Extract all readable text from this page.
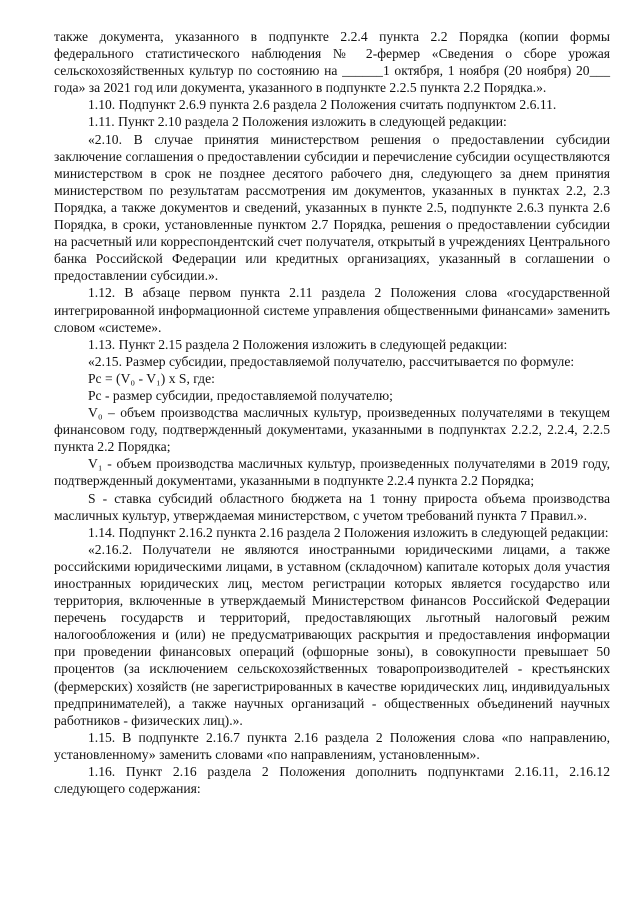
также документа, указанного в подпункте 2.2.4 пункта 2.2 Порядка (копии формы федерального статистического наблюдения № 2-фермер «Сведения о сборе урожая сельскохозяйственных культур по состоянию на ______1 октября, 1 ноября (20 ноября) 20___ года» за 2021 год или документа, указанного в подпункте 2.2.5 пункта 2.2 Порядка.».

1.10. Подпункт 2.6.9 пункта 2.6 раздела 2 Положения считать подпунктом 2.6.11.

1.11. Пункт 2.10 раздела 2 Положения изложить в следующей редакции:

«2.10. В случае принятия министерством решения о предоставлении субсидии заключение соглашения о предоставлении субсидии и перечисление субсидии осуществляются министерством в срок не позднее десятого рабочего дня, следующего за днем принятия министерством по результатам рассмотрения им документов, указанных в пунктах 2.2, 2.3 Порядка, а также документов и сведений, указанных в пункте 2.5, подпункте 2.6.3 пункта 2.6 Порядка, в сроки, установленные пунктом 2.7 Порядка, решения о предоставлении субсидии на расчетный или корреспондентский счет получателя, открытый в учреждениях Центрального банка Российской Федерации или кредитных организациях, указанный в соглашении о предоставлении субсидии.».

1.12. В абзаце первом пункта 2.11 раздела 2 Положения слова «государственной интегрированной информационной системе управления общественными финансами» заменить словом «системе».

1.13. Пункт 2.15 раздела 2 Положения изложить в следующей редакции:

«2.15. Размер субсидии, предоставляемой получателю, рассчитывается по формуле:

Рс = (V₀ - V₁) x S, где:

Рс - размер субсидии, предоставляемой получателю;

V₀ – объем производства масличных культур, произведенных получателями в текущем финансовом году, подтвержденный документами, указанными в подпунктах 2.2.2, 2.2.4, 2.2.5 пункта 2.2 Порядка;

V₁ - объем производства масличных культур, произведенных получателями в 2019 году, подтвержденный документами, указанными в подпункте 2.2.4 пункта 2.2 Порядка;

S - ставка субсидий областного бюджета на 1 тонну прироста объема производства масличных культур, утверждаемая министерством, с учетом требований пункта 7 Правил.».

1.14. Подпункт 2.16.2 пункта 2.16 раздела 2 Положения изложить в следующей редакции:

«2.16.2. Получатели не являются иностранными юридическими лицами, а также российскими юридическими лицами, в уставном (складочном) капитале которых доля участия иностранных юридических лиц, местом регистрации которых является государство или территория, включенные в утверждаемый Министерством финансов Российской Федерации перечень государств и территорий, предоставляющих льготный налоговый режим налогообложения и (или) не предусматривающих раскрытия и предоставления информации при проведении финансовых операций (офшорные зоны), в совокупности превышает 50 процентов (за исключением сельскохозяйственных товаропроизводителей - крестьянских (фермерских) хозяйств (не зарегистрированных в качестве юридических лиц, индивидуальных предпринимателей), а также научных организаций - общественных объединений научных работников - физических лиц).».

1.15. В подпункте 2.16.7 пункта 2.16 раздела 2 Положения слова «по направлению, установленному» заменить словами «по направлениям, установленным».

1.16. Пункт 2.16 раздела 2 Положения дополнить подпунктами 2.16.11, 2.16.12 следующего содержания:
